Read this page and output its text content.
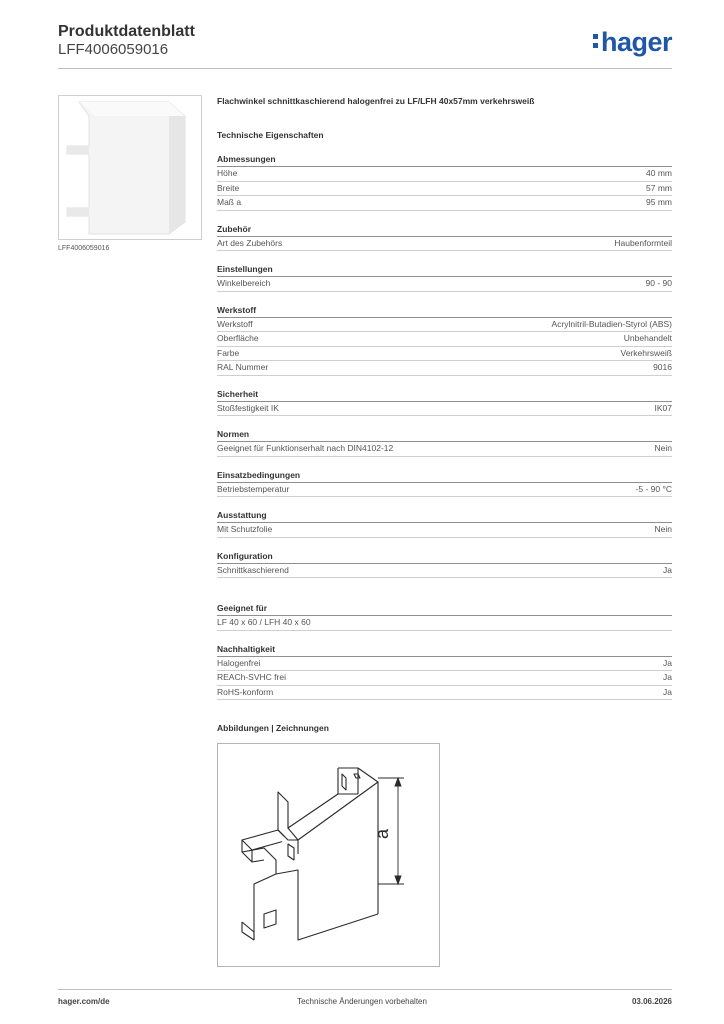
Produktdatenblatt
LFF4006059016	hager
LFF4006059016
Flachwinkel schnittkaschierend halogenfrei zu LF/LFH 40x57mm verkehrsweiß
Technische Eigenschaften
Abmessungen
Höhe	40 mm
Breite	57 mm
Maß a	95 mm
Zubehör
Art des Zubehörs	Haubenformteil
Einstellungen
Winkelbereich	90 - 90
Werkstoff
Werkstoff	Acrylnitril-Butadien-Styrol (ABS)
Oberfläche	Unbehandelt
Farbe	Verkehrsweiß
RAL Nummer	9016
Sicherheit
Stoßfestigkeit IK	IK07
Normen
Geeignet für Funktionserhalt nach DIN4102-12	Nein
Einsatzbedingungen
Betriebstemperatur	-5 - 90 °C
Ausstattung
Mit Schutzfolie	Nein
Konfiguration
Schnittkaschierend	Ja
Geeignet für
LF 40 x 60 / LFH 40 x 60
Nachhaltigkeit
Halogenfrei	Ja
REACh-SVHC frei	Ja
RoHS-konform	Ja
Abbildungen | Zeichnungen
a
hager.com/de	Technische Änderungen vorbehalten	03.06.2026
